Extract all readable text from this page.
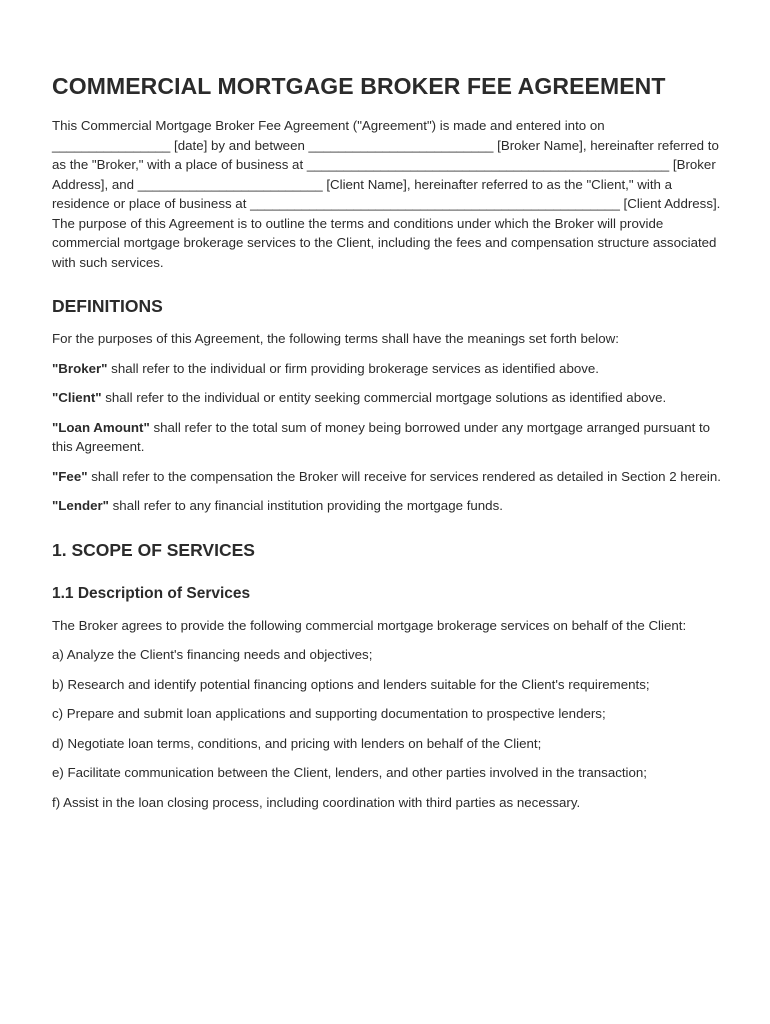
COMMERCIAL MORTGAGE BROKER FEE AGREEMENT

This Commercial Mortgage Broker Fee Agreement ("Agreement") is made and entered into on ________________ [date] by and between _________________________ [Broker Name], hereinafter referred to as the "Broker," with a place of business at _________________________________________________ [Broker Address], and _________________________ [Client Name], hereinafter referred to as the "Client," with a residence or place of business at __________________________________________________ [Client Address]. The purpose of this Agreement is to outline the terms and conditions under which the Broker will provide commercial mortgage brokerage services to the Client, including the fees and compensation structure associated with such services.

DEFINITIONS

For the purposes of this Agreement, the following terms shall have the meanings set forth below:

"Broker" shall refer to the individual or firm providing brokerage services as identified above.

"Client" shall refer to the individual or entity seeking commercial mortgage solutions as identified above.

"Loan Amount" shall refer to the total sum of money being borrowed under any mortgage arranged pursuant to this Agreement.

"Fee" shall refer to the compensation the Broker will receive for services rendered as detailed in Section 2 herein.

"Lender" shall refer to any financial institution providing the mortgage funds.

1. SCOPE OF SERVICES
1.1 Description of Services

The Broker agrees to provide the following commercial mortgage brokerage services on behalf of the Client:

a) Analyze the Client's financing needs and objectives;

b) Research and identify potential financing options and lenders suitable for the Client's requirements;

c) Prepare and submit loan applications and supporting documentation to prospective lenders;

d) Negotiate loan terms, conditions, and pricing with lenders on behalf of the Client;

e) Facilitate communication between the Client, lenders, and other parties involved in the transaction;

f) Assist in the loan closing process, including coordination with third parties as necessary.
